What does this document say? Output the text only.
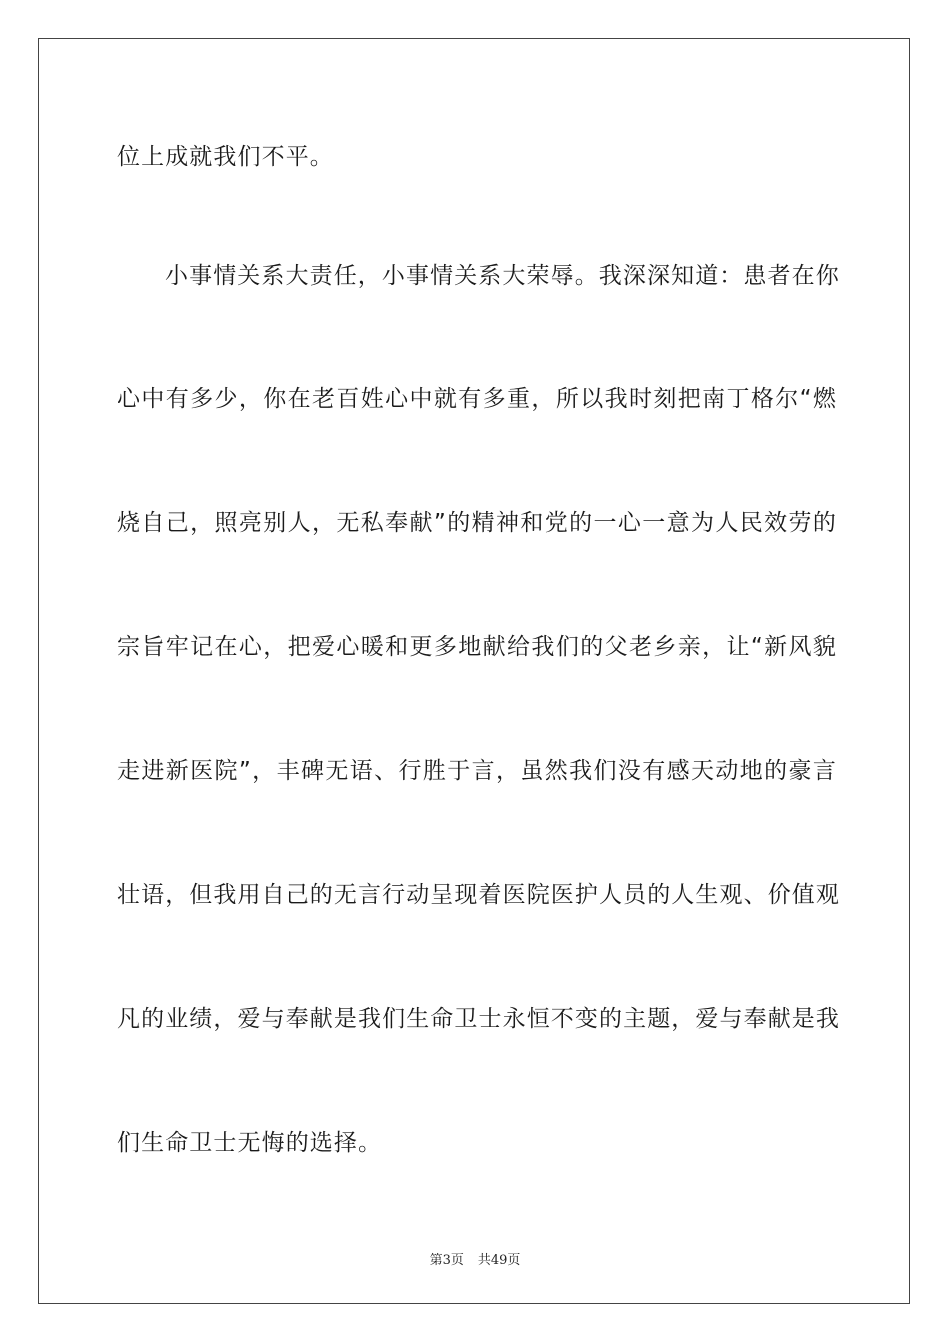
位上成就我们不平。

小事情关系大责任，小事情关系大荣辱。我深深知道：患者在你

心中有多少，你在老百姓心中就有多重，所以我时刻把南丁格尔“燃

烧自己，照亮别人，无私奉献”的精神和党的一心一意为人民效劳的

宗旨牢记在心，把爱心暖和更多地献给我们的父老乡亲，让“新风貌

走进新医院”，丰碑无语、行胜于言，虽然我们没有感天动地的豪言

壮语，但我用自己的无言行动呈现着医院医护人员的人生观、价值观

凡的业绩，爱与奉献是我们生命卫士永恒不变的主题，爱与奉献是我

们生命卫士无悔的选择。

第3页 共49页
